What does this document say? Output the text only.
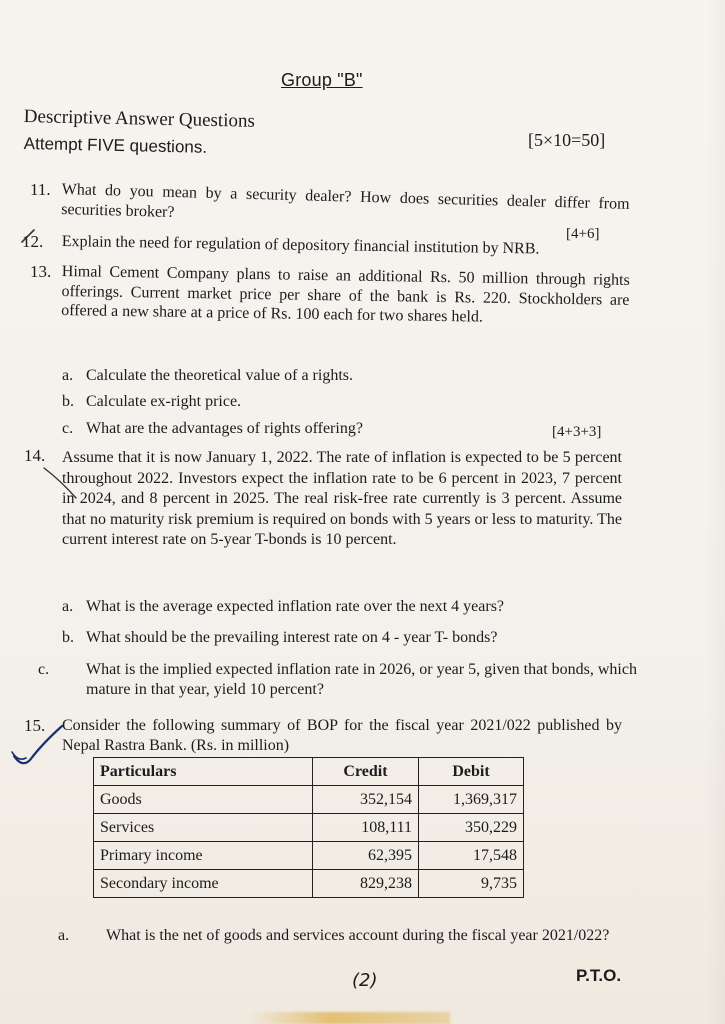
Group "B"
Descriptive Answer Questions
Attempt FIVE questions.	[5×10=50]
11. What do you mean by a security dealer? How does securities dealer differ from securities broker?
[4+6]
12. Explain the need for regulation of depository financial institution by NRB.
13. Himal Cement Company plans to raise an additional Rs. 50 million through rights offerings. Current market price per share of the bank is Rs. 220. Stockholders are offered a new share at a price of Rs. 100 each for two shares held.
a. Calculate the theoretical value of a rights.
b. Calculate ex-right price.
c. What are the advantages of rights offering?	[4+3+3]
14. Assume that it is now January 1, 2022. The rate of inflation is expected to be 5 percent throughout 2022. Investors expect the inflation rate to be 6 percent in 2023, 7 percent in 2024, and 8 percent in 2025. The real risk-free rate currently is 3 percent. Assume that no maturity risk premium is required on bonds with 5 years or less to maturity. The current interest rate on 5-year T-bonds is 10 percent.
a. What is the average expected inflation rate over the next 4 years?
b. What should be the prevailing interest rate on 4 - year T- bonds?
c. What is the implied expected inflation rate in 2026, or year 5, given that bonds, which mature in that year, yield 10 percent?
15. Consider the following summary of BOP for the fiscal year 2021/022 published by Nepal Rastra Bank. (Rs. in million)
Particulars	Credit	Debit
Goods	352,154	1,369,317
Services	108,111	350,229
Primary income	62,395	17,548
Secondary income	829,238	9,735
a. What is the net of goods and services account during the fiscal year 2021/022?
(2)	P.T.O.
